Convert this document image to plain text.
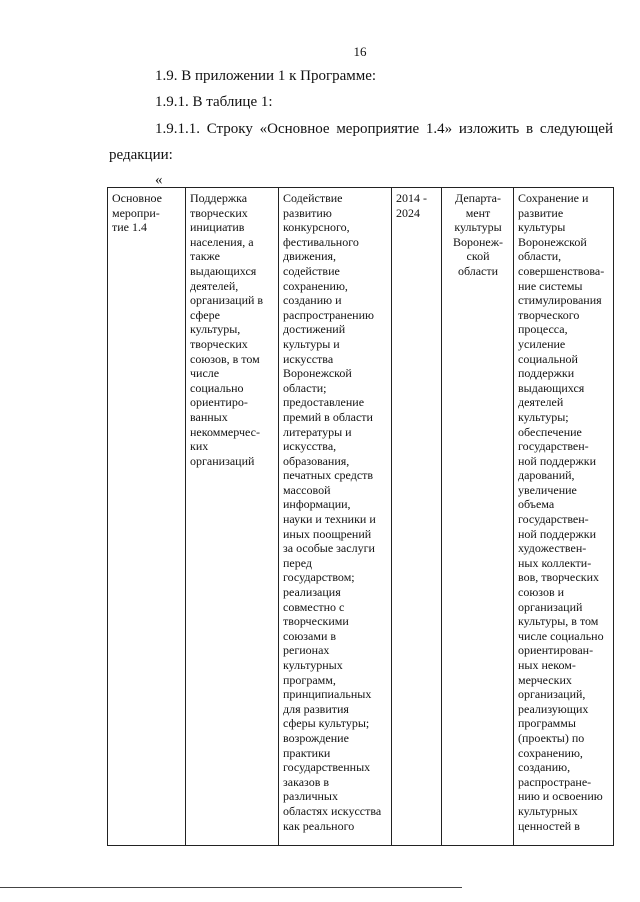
16
1.9. В приложении 1 к Программе:
1.9.1. В таблице 1:
1.9.1.1. Строку «Основное мероприятие 1.4» изложить в следующей
редакции:
«
Основное
меропри-
тие 1.4

Поддержка
творческих
инициатив
населения, а
также
выдающихся
деятелей,
организаций в
сфере
культуры,
творческих
союзов, в том
числе
социально
ориентиро-
ванных
некоммерчес-
ких
организаций

Содействие
развитию
конкурсного,
фестивального
движения,
содействие
сохранению,
созданию и
распространению
достижений
культуры и
искусства
Воронежской
области;
предоставление
премий в области
литературы и
искусства,
образования,
печатных средств
массовой
информации,
науки и техники и
иных поощрений
за особые заслуги
перед
государством;
реализация
совместно с
творческими
союзами в
регионах
культурных
программ,
принципиальных
для развития
сферы культуры;
возрождение
практики
государственных
заказов в
различных
областях искусства
как реального

2014 -
2024

Департа-
мент
культуры
Воронеж-
ской
области

Сохранение и
развитие
культуры
Воронежской
области,
совершенствова-
ние системы
стимулирования
творческого
процесса,
усиление
социальной
поддержки
выдающихся
деятелей
культуры;
обеспечение
государствен-
ной поддержки
дарований,
увеличение
объема
государствен-
ной поддержки
художествен-
ных коллекти-
вов, творческих
союзов и
организаций
культуры, в том
числе социально
ориентирован-
ных неком-
мерческих
организаций,
реализующих
программы
(проекты) по
сохранению,
созданию,
распростране-
нию и освоению
культурных
ценностей в
